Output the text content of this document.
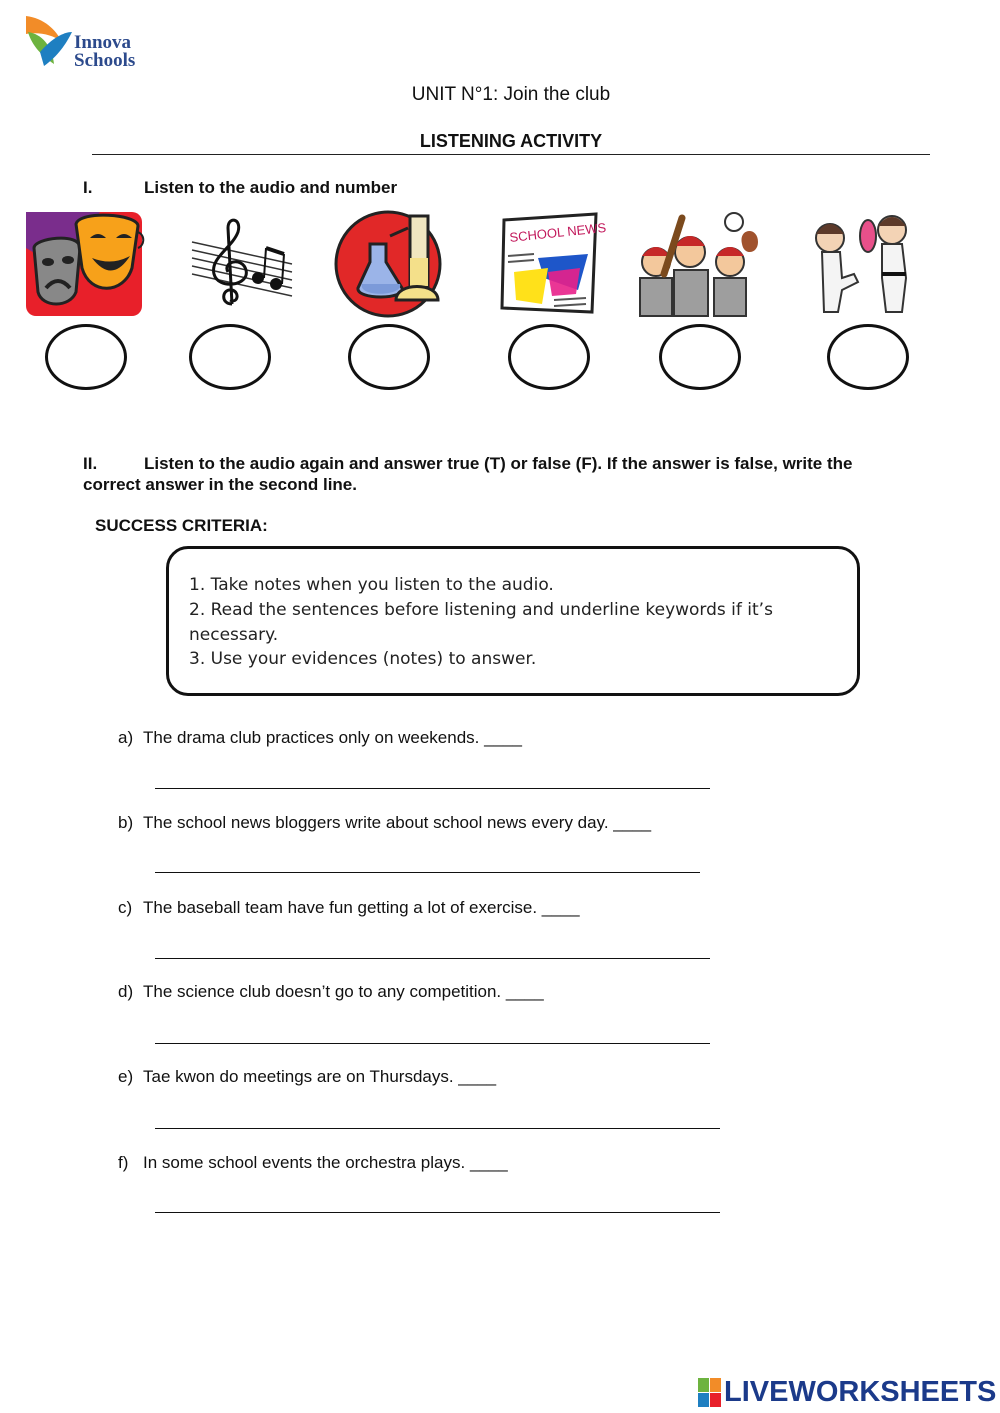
Innova
Schools
UNIT N°1: Join the club
LISTENING ACTIVITY
I.	Listen to the audio and number
SCHOOL NEWS
II.	Listen to the audio again and answer true (T) or false (F). If the answer is false, write the
correct answer in the second line.
SUCCESS CRITERIA:
1. Take notes when you listen to the audio.
2. Read the sentences before listening and underline keywords if it’s
necessary.
3. Use your evidences (notes) to answer.
a) The drama club practices only on weekends. ____
b) The school news bloggers write about school news every day. ____
c) The baseball team have fun getting a lot of exercise. ____
d) The science club doesn’t go to any competition. ____
e) Tae kwon do meetings are on Thursdays. ____
f) In some school events the orchestra plays. ____
LIVEWORKSHEETS
